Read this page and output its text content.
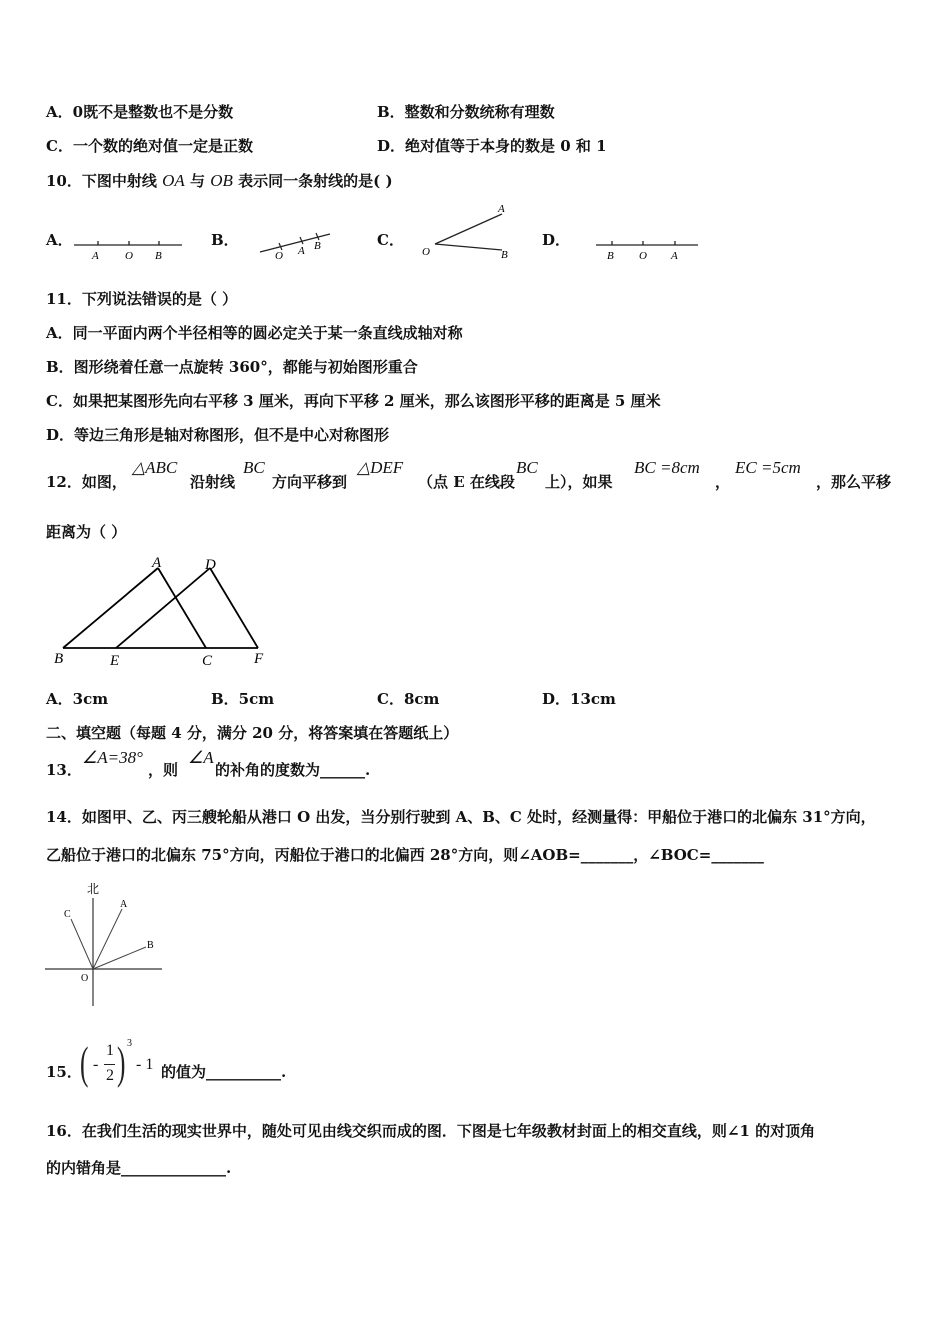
A．0既不是整数也不是分数	B．整数和分数统称有理数
C．一个数的绝对值一定是正数	D．绝对值等于本身的数是 0 和 1
10．下图中射线 OA 与 OB 表示同一条射线的是( )
A．
A O B
B．
O A B	C．
A
O	B
D．
B O A
11．下列说法错误的是（ ）
A．同一平面内两个半径相等的圆必定关于某一条直线成轴对称
B．图形绕着任意一点旋转 360°，都能与初始图形重合
C．如果把某图形先向右平移 3 厘米，再向下平移 2 厘米，那么该图形平移的距离是 5 厘米
D．等边三角形是轴对称图形，但不是中心对称图形
12．如图，
△ABC
沿射线
BC
方向平移到
△DEF
（点 E 在线段
BC
上），如果
BC =8cm
，
EC =5cm
，那么平移
距离为（ ）
A	D
B	E	C	F
A．3cm	B．5cm	C．8cm	D．13cm
二、填空题（每题 4 分，满分 20 分，将答案填在答题纸上）
13．
∠A=38°
，则
∠A
的补角的度数为______.
14．如图甲、乙、丙三艘轮船从港口 O 出发，当分别行驶到 A、B、C 处时，经测量得：甲船位于港口的北偏东 31°方向，
乙船位于港口的北偏东 75°方向，丙船位于港口的北偏西 28°方向，则∠AOB=_______，∠BOC=_______
北
C
A
B
O
15．
( -
1
2 ) 3
- 1 的值为__________.
16．在我们生活的现实世界中，随处可见由线交织而成的图．下图是七年级教材封面上的相交直线，则∠1 的对顶角
的内错角是______________.
